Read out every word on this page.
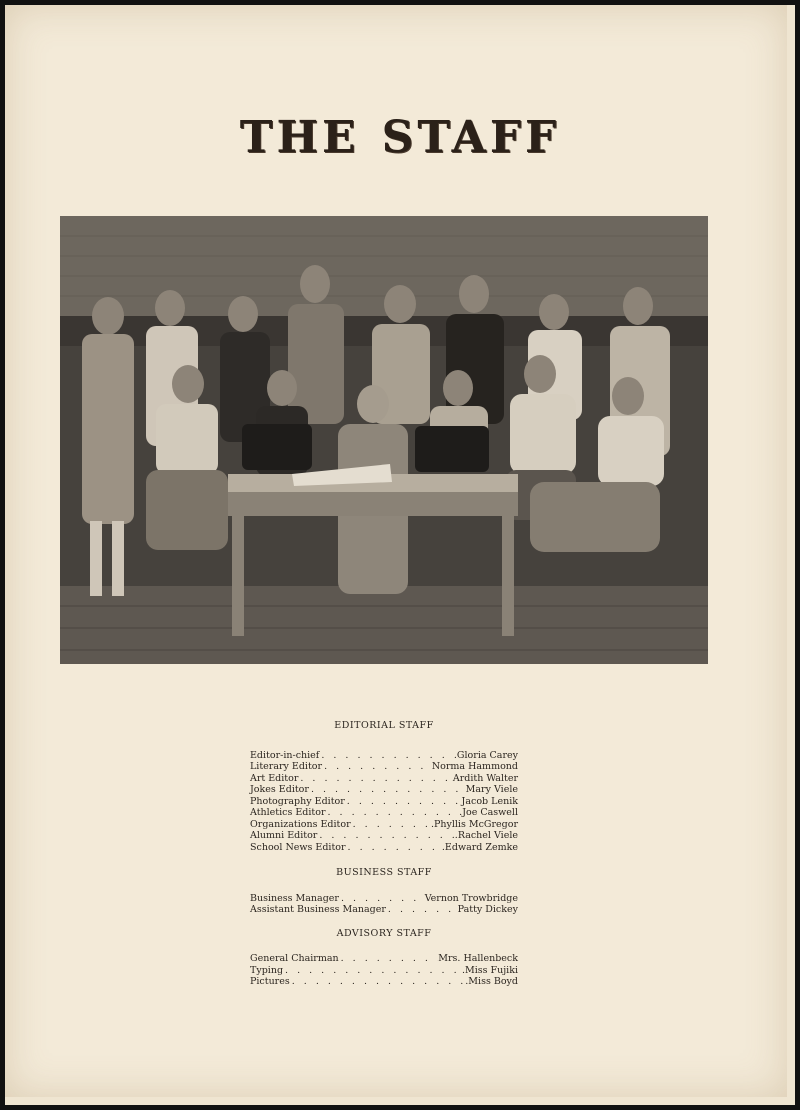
THE STAFF
EDITORIAL STAFF
Editor-in-chief . . .	.Gloria Carey
Literary Editor . . .	Norma Hammond
Art Editor . . .	Ardith Walter
Jokes Editor . . .	Mary Viele
Photography Editor . . .	Jacob Lenik
Athletics Editor . . .	.Joe Caswell
Organizations Editor . . .	.Phyllis McGregor
Alumni Editor . . .	.Rachel Viele
School News Editor . . .	.Edward Zemke
BUSINESS STAFF
Business Manager . . .	Vernon Trowbridge
Assistant Business Manager . . .	Patty Dickey
ADVISORY STAFF
General Chairman . . .	Mrs. Hallenbeck
Typing . . .	.Miss Fujiki
Pictures . . .	.Miss Boyd
